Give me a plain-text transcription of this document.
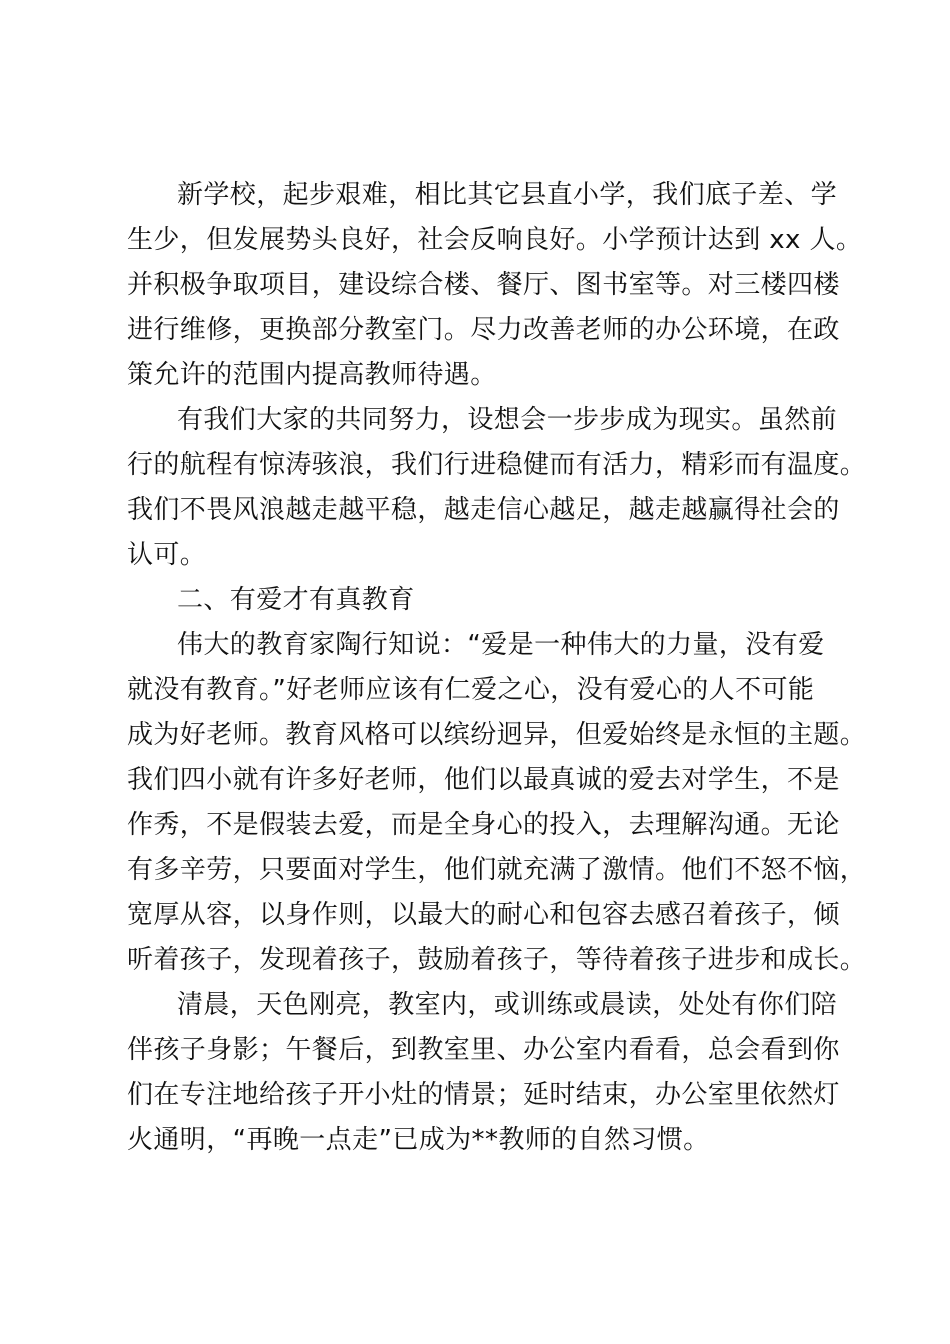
新学校，起步艰难，相比其它县直小学，我们底子差、学
生少，但发展势头良好，社会反响良好。小学预计达到 xx 人。
并积极争取项目，建设综合楼、餐厅、图书室等。对三楼四楼
进行维修，更换部分教室门。尽力改善老师的办公环境，在政
策允许的范围内提高教师待遇。
有我们大家的共同努力，设想会一步步成为现实。虽然前
行的航程有惊涛骇浪，我们行进稳健而有活力，精彩而有温度。
我们不畏风浪越走越平稳，越走信心越足，越走越赢得社会的
认可。
二、有爱才有真教育
伟大的教育家陶行知说：“爱是一种伟大的力量，没有爱
就没有教育。”好老师应该有仁爱之心，没有爱心的人不可能
成为好老师。教育风格可以缤纷迥异，但爱始终是永恒的主题。
我们四小就有许多好老师，他们以最真诚的爱去对学生，不是
作秀，不是假装去爱，而是全身心的投入，去理解沟通。无论
有多辛劳，只要面对学生，他们就充满了激情。他们不怒不恼，
宽厚从容，以身作则，以最大的耐心和包容去感召着孩子，倾
听着孩子，发现着孩子，鼓励着孩子，等待着孩子进步和成长。
清晨，天色刚亮，教室内，或训练或晨读，处处有你们陪
伴孩子身影；午餐后，到教室里、办公室内看看，总会看到你
们在专注地给孩子开小灶的情景；延时结束，办公室里依然灯
火通明，“再晚一点走”已成为**教师的自然习惯。
